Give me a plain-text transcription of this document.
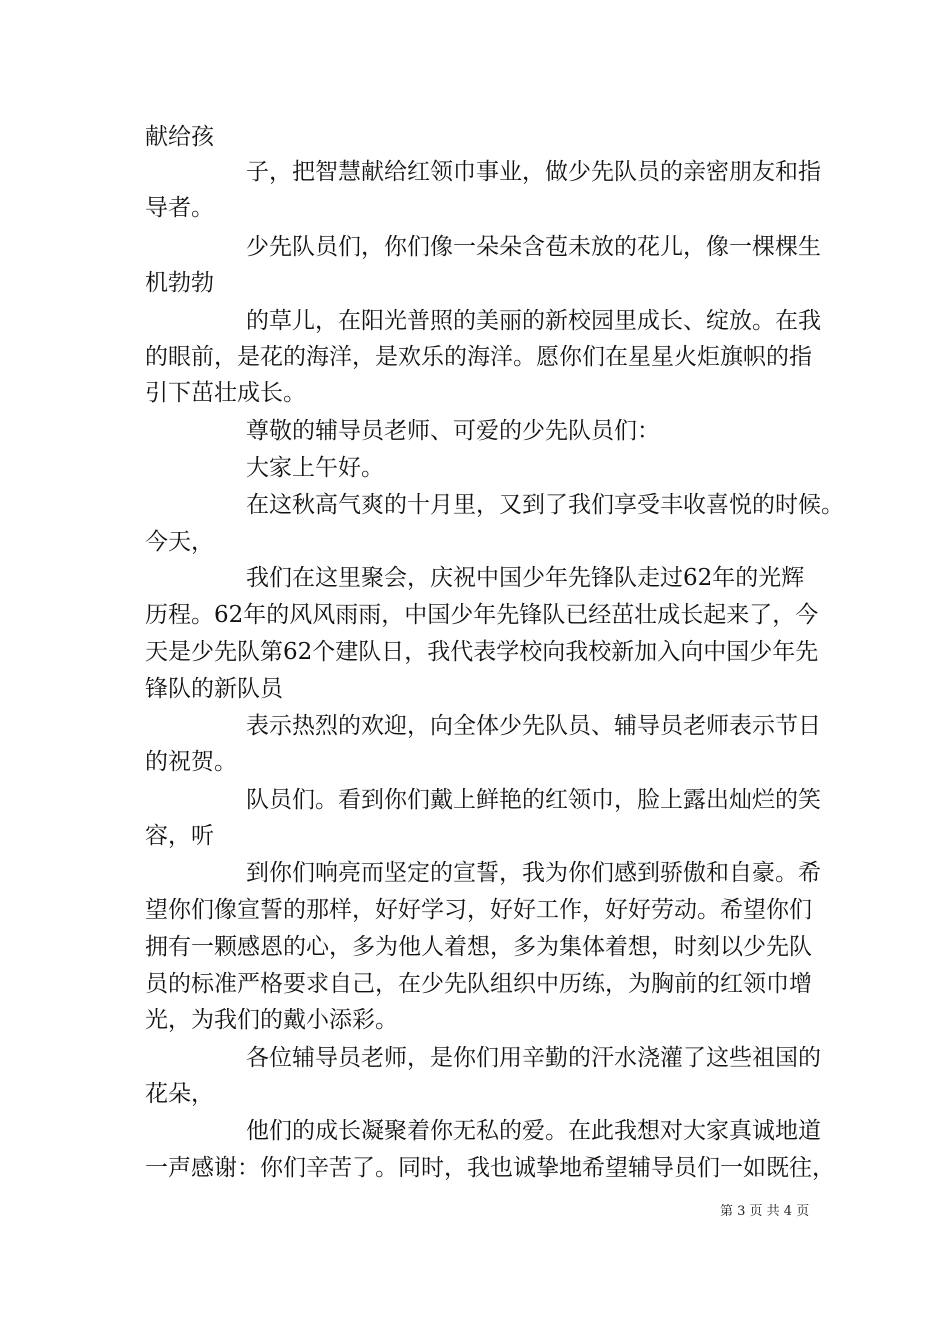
献给孩
子，把智慧献给红领巾事业，做少先队员的亲密朋友和指
导者。
少先队员们，你们像一朵朵含苞未放的花儿，像一棵棵生
机勃勃
的草儿，在阳光普照的美丽的新校园里成长、绽放。在我
的眼前，是花的海洋，是欢乐的海洋。愿你们在星星火炬旗帜的指
引下茁壮成长。
尊敬的辅导员老师、可爱的少先队员们：
大家上午好。
在这秋高气爽的十月里，又到了我们享受丰收喜悦的时候。
今天，
我们在这里聚会，庆祝中国少年先锋队走过62年的光辉
历程。62年的风风雨雨，中国少年先锋队已经茁壮成长起来了，今
天是少先队第62个建队日，我代表学校向我校新加入向中国少年先
锋队的新队员
表示热烈的欢迎，向全体少先队员、辅导员老师表示节日
的祝贺。
队员们。看到你们戴上鲜艳的红领巾，脸上露出灿烂的笑
容，听
到你们响亮而坚定的宣誓，我为你们感到骄傲和自豪。希
望你们像宣誓的那样，好好学习，好好工作，好好劳动。希望你们
拥有一颗感恩的心，多为他人着想，多为集体着想，时刻以少先队
员的标准严格要求自己，在少先队组织中历练，为胸前的红领巾增
光，为我们的戴小添彩。
各位辅导员老师，是你们用辛勤的汗水浇灌了这些祖国的
花朵，
他们的成长凝聚着你无私的爱。在此我想对大家真诚地道
一声感谢：你们辛苦了。同时，我也诚挚地希望辅导员们一如既往，
第 3 页 共 4 页
